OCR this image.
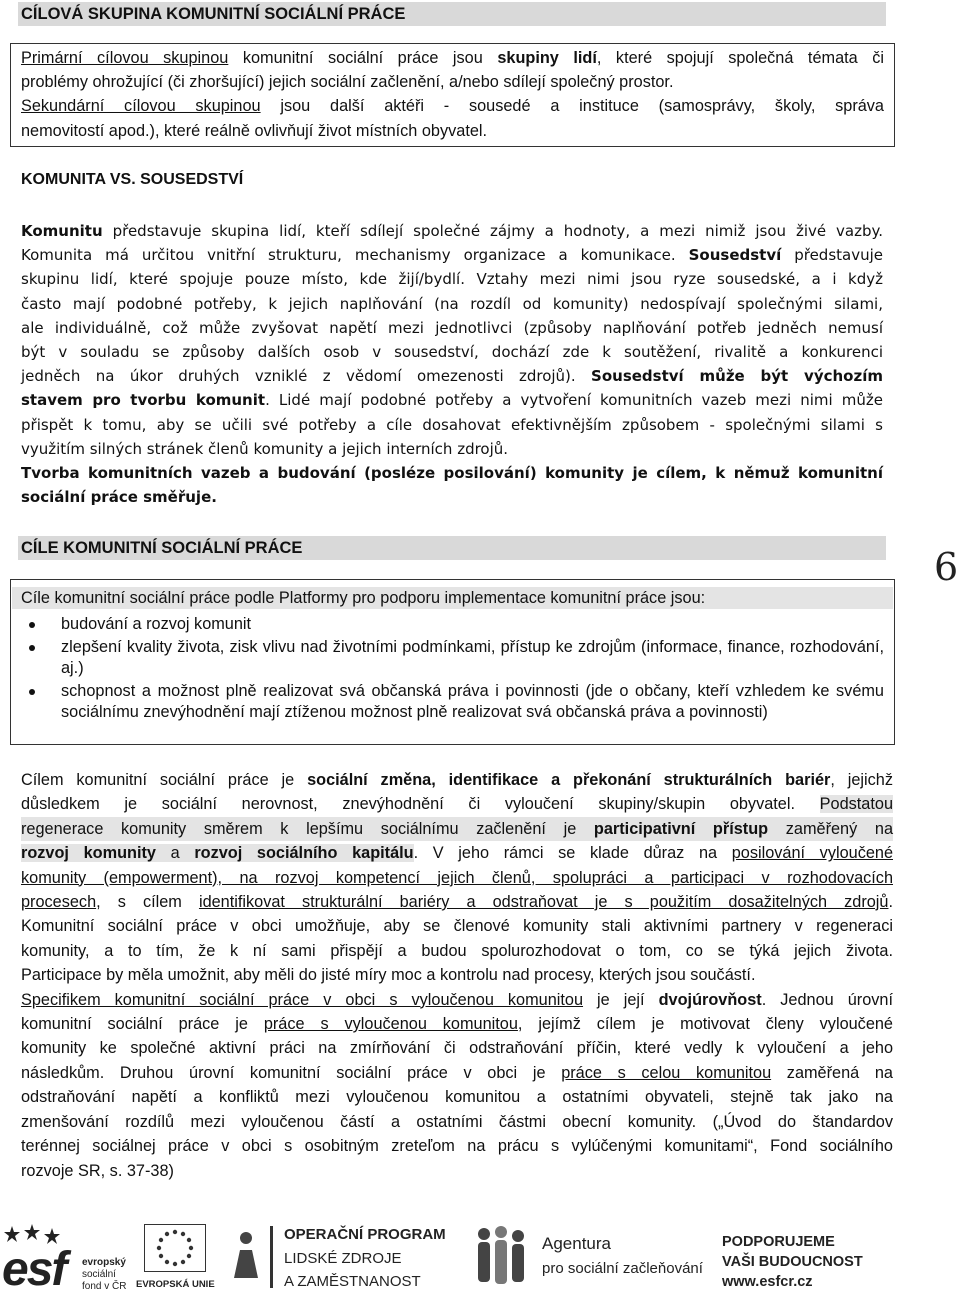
CÍLOVÁ SKUPINA KOMUNITNÍ SOCIÁLNÍ PRÁCE
Primární cílovou skupinou komunitní sociální práce jsou skupiny lidí, které spojují společná témata či
problémy ohrožující (či zhoršující) jejich sociální začlenění, a/nebo sdílejí společný prostor.
Sekundární cílovou skupinou jsou další aktéři - sousedé a instituce (samosprávy, školy, správa
nemovitostí apod.), které reálně ovlivňují život místních obyvatel.
KOMUNITA VS. SOUSEDSTVÍ
Komunitu představuje skupina lidí, kteří sdílejí společné zájmy a hodnoty, a mezi nimiž jsou živé vazby.
Komunita má určitou vnitřní strukturu, mechanismy organizace a komunikace. Sousedství představuje
skupinu lidí, které spojuje pouze místo, kde žijí/bydlí. Vztahy mezi nimi jsou ryze sousedské, a i když
často mají podobné potřeby, k jejich naplňování (na rozdíl od komunity) nedospívají společnými silami,
ale individuálně, což může zvyšovat napětí mezi jednotlivci (způsoby naplňování potřeb jedněch nemusí
být v souladu se způsoby dalších osob v sousedství, dochází zde k soutěžení, rivalitě a konkurenci
jedněch na úkor druhých vzniklé z vědomí omezenosti zdrojů). Sousedství může být výchozím
stavem pro tvorbu komunit. Lidé mají podobné potřeby a vytvoření komunitních vazeb mezi nimi může
přispět k tomu, aby se učili své potřeby a cíle dosahovat efektivnějším způsobem - společnými silami s
využitím silných stránek členů komunity a jejich interních zdrojů.
Tvorba komunitních vazeb a budování (posléze posilování) komunity je cílem, k němuž komunitní
sociální práce směřuje.
CÍLE KOMUNITNÍ SOCIÁLNÍ PRÁCE	6
Cíle komunitní sociální práce podle Platformy pro podporu implementace komunitní práce jsou:
budování a rozvoj komunit
zlepšení kvality života, zisk vlivu nad životními podmínkami, přístup ke zdrojům (informace, finance, rozhodování, aj.)
schopnost a možnost plně realizovat svá občanská práva i povinnosti (jde o občany, kteří vzhledem ke svému sociálnímu znevýhodnění mají ztíženou možnost plně realizovat svá občanská práva a povinnosti)
Cílem komunitní sociální práce je sociální změna, identifikace a překonání strukturálních bariér, jejichž
důsledkem je sociální nerovnost, znevýhodnění či vyloučení skupiny/skupin obyvatel. Podstatou
regenerace komunity směrem k lepšímu sociálnímu začlenění je participativní přístup zaměřený na
rozvoj komunity a rozvoj sociálního kapitálu. V jeho rámci se klade důraz na posilování vyloučené
komunity (empowerment), na rozvoj kompetencí jejich členů, spolupráci a participaci v rozhodovacích
procesech, s cílem identifikovat strukturální bariéry a odstraňovat je s použitím dosažitelných zdrojů.
Komunitní sociální práce v obci umožňuje, aby se členové komunity stali aktivními partnery v regeneraci
komunity, a to tím, že k ní sami přispějí a budou spolurozhodovat o tom, co se týká jejich života.
Participace by měla umožnit, aby měli do jisté míry moc a kontrolu nad procesy, kterých jsou součástí.
Specifikem komunitní sociální práce v obci s vyloučenou komunitou je její dvojúrovňost. Jednou úrovní
komunitní sociální práce je práce s vyloučenou komunitou, jejímž cílem je motivovat členy vyloučené
komunity ke společné aktivní práci na zmírňování či odstraňování příčin, které vedly k vyloučení a jeho
následkům. Druhou úrovní komunitní sociální práce v obci je práce s celou komunitou zaměřená na
odstraňování napětí a konfliktů mezi vyloučenou komunitou a ostatními obyvateli, stejně tak jako na
zmenšování rozdílů mezi vyloučenou částí a ostatními částmi obecní komunity. („Úvod do štandardov
terénnej sociálnej práce v obci s osobitným zreteľom na prácu s vylúčenými komunitami“, Fond sociálního
rozvoje SR, s. 37-38)
esf evropský
sociální
fond v ČR EVROPSKÁ UNIE
OPERAČNÍ PROGRAM
LIDSKÉ ZDROJE
A ZAMĚSTNANOST
Agentura
pro sociální začleňování
PODPORUJEME
VAŠI BUDOUCNOST
www.esfcr.cz
